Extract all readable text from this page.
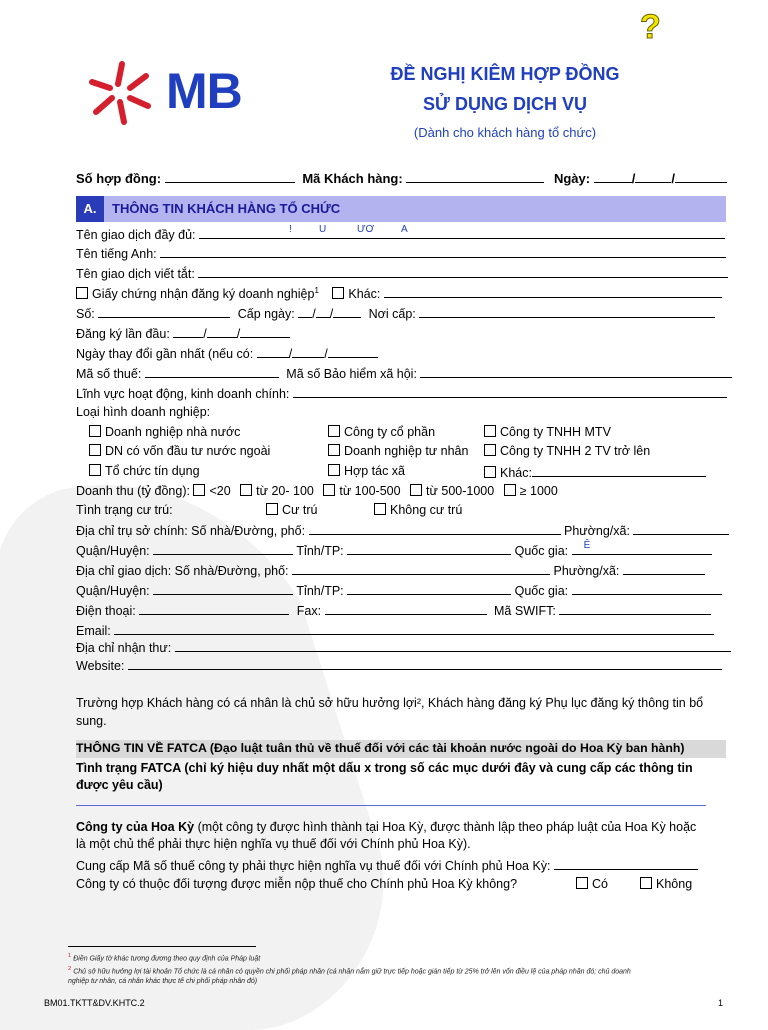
?
MB	ĐỀ NGHỊ KIÊM HỢP ĐỒNG
SỬ DỤNG DỊCH VỤ
(Dành cho khách hàng tổ chức)
Số hợp đồng:	Mã Khách hàng:	Ngày:	/	/
A.	THÔNG TIN KHÁCH HÀNG TỔ CHỨC
Tên giao dịch đầy đủ:	!	U	ƯƠ	A
Tên tiếng Anh:
Tên giao dịch viết tắt:
Giấy chứng nhận đăng ký doanh nghiệp$^1$ Khác:
Số:	Cấp ngày: / /	Nơi cấp:
Đăng ký lần đầu:	/ /
Ngày thay đổi gần nhất (nếu có:	/	/
Mã số thuế:	Mã số Bảo hiểm xã hội:
Lĩnh vực hoạt động, kinh doanh chính:
Loại hình doanh nghiệp:
Doanh nghiệp nhà nước	Công ty cổ phần	Công ty TNHH MTV
DN có vốn đầu tư nước ngoài	Doanh nghiệp tư nhân	Công ty TNHH 2 TV trở lên
Tổ chức tín dụng	Hợp tác xã	Khác:
Doanh thu (tỷ đồng): <20 từ 20- 100 từ 100-500 từ 500-1000 ≥ 1000
Tình trạng cư trú:	Cư trú	Không cư trú
Địa chỉ trụ sở chính: Số nhà/Đường, phố:	Phường/xã:
Quận/Huyện:	Tỉnh/TP:	Quốc gia: Ê
Địa chỉ giao dịch: Số nhà/Đường, phố:	Phường/xã:
Quận/Huyện:	Tỉnh/TP:	Quốc gia:
Điện thoại:	Fax:	Mã SWIFT:
Email:
Địa chỉ nhận thư:
Website:
Trường hợp Khách hàng có cá nhân là chủ sở hữu hưởng lợi², Khách hàng đăng ký Phụ lục đăng ký thông tin bổ sung.
THÔNG TIN VỀ FATCA (Đạo luật tuân thủ về thuế đối với các tài khoản nước ngoài do Hoa Kỳ ban hành)
Tình trạng FATCA (chỉ ký hiệu duy nhất một dấu x trong số các mục dưới đây và cung cấp các thông tin
được yêu cầu)
Công ty của Hoa Kỳ (một công ty được hình thành tại Hoa Kỳ, được thành lập theo pháp luật của Hoa Kỳ hoặc
là một chủ thể phải thực hiện nghĩa vụ thuế đối với Chính phủ Hoa Kỳ).
Cung cấp Mã số thuế công ty phải thực hiện nghĩa vụ thuế đối với Chính phủ Hoa Kỳ:
Công ty có thuộc đối tượng được miễn nộp thuế cho Chính phủ Hoa Kỳ không?	Có	Không
$^1$ Điền Giấy tờ khác tương đương theo quy định của Pháp luật
$^2$ Chủ sở hữu hưởng lợi tài khoản Tổ chức là cá nhân có quyền chi phối pháp nhân (cá nhân nắm giữ trực tiếp hoặc gián tiếp từ 25% trở lên vốn điều lệ của pháp nhân đó; chủ doanh
nghiệp tư nhân, cá nhân khác thực tế chi phối pháp nhân đó)
BM01.TKTT&DV.KHTC.2	1
